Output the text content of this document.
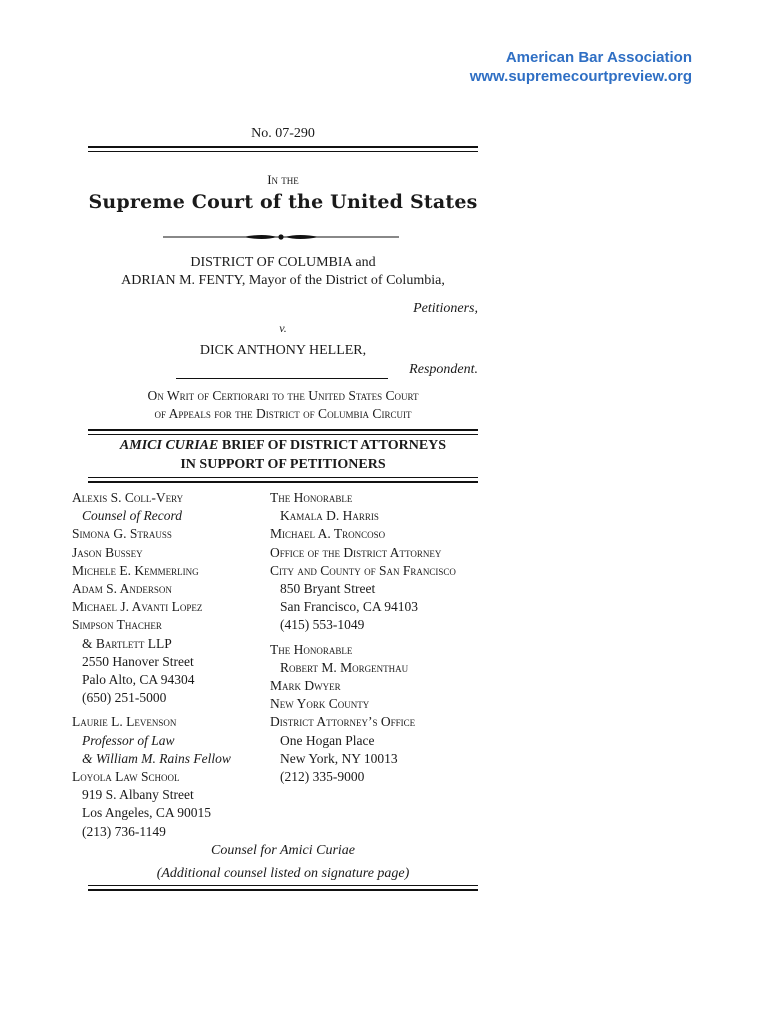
American Bar Association
www.supremecourtpreview.org
No. 07-290
In the
Supreme Court of the United States
DISTRICT OF COLUMBIA and
ADRIAN M. FENTY, Mayor of the District of Columbia,
Petitioners,
v.
DICK ANTHONY HELLER,
Respondent.
On Writ of Certiorari to the United States Court
of Appeals for the District of Columbia Circuit
AMICI CURIAE BRIEF OF DISTRICT ATTORNEYS
IN SUPPORT OF PETITIONERS
Alexis S. Coll-Very
Counsel of Record
Simona G. Strauss
Jason Bussey
Michele E. Kemmerling
Adam S. Anderson
Michael J. Avanti Lopez
Simpson Thacher
& Bartlett LLP
2550 Hanover Street
Palo Alto, CA 94304
(650) 251-5000
Laurie L. Levenson
Professor of Law
& William M. Rains Fellow
Loyola Law School
919 S. Albany Street
Los Angeles, CA 90015
(213) 736-1149
The Honorable
Kamala D. Harris
Michael A. Troncoso
Office of the District Attorney
City and County of San Francisco
850 Bryant Street
San Francisco, CA 94103
(415) 553-1049
The Honorable
Robert M. Morgenthau
Mark Dwyer
New York County
District Attorney’s Office
One Hogan Place
New York, NY 10013
(212) 335-9000
Counsel for Amici Curiae
(Additional counsel listed on signature page)
